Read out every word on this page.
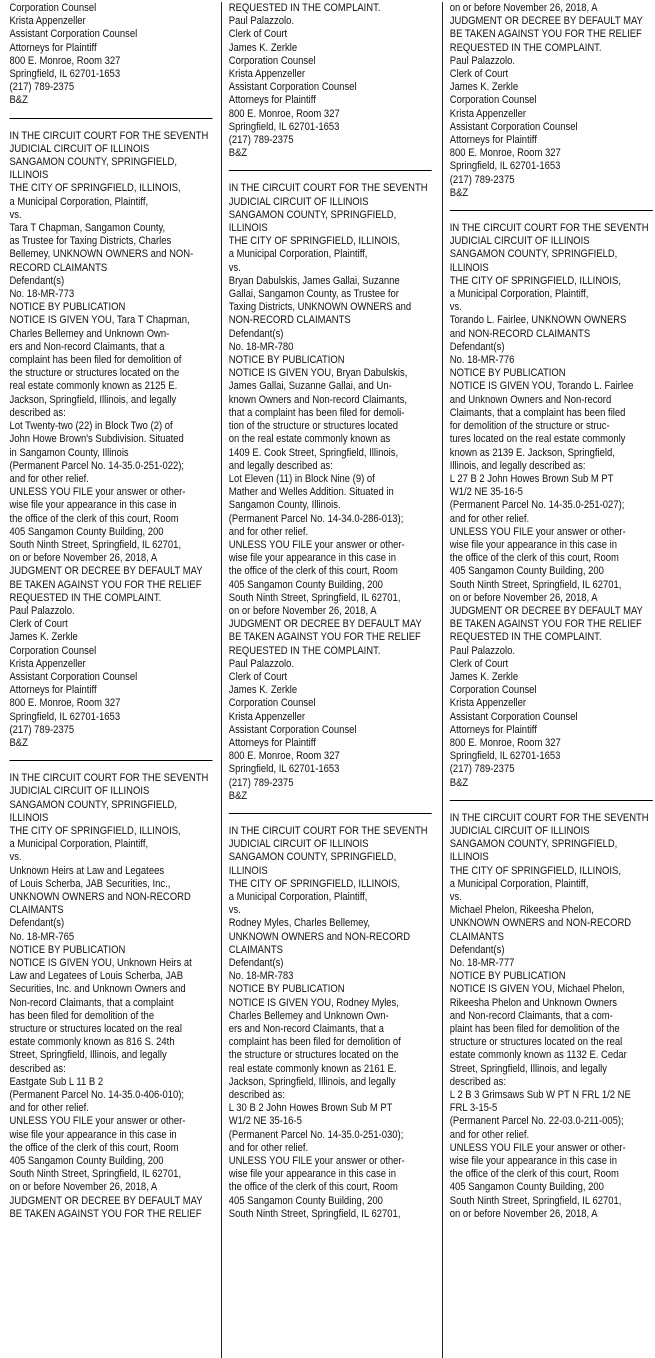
Corporation Counsel
Krista Appenzeller
Assistant Corporation Counsel
Attorneys for Plaintiff
800 E. Monroe, Room 327
Springfield, IL 62701-1653
(217) 789-2375
B&Z

IN THE CIRCUIT COURT FOR THE SEVENTH
JUDICIAL CIRCUIT OF ILLINOIS
SANGAMON COUNTY, SPRINGFIELD,
ILLINOIS
THE CITY OF SPRINGFIELD, ILLINOIS,
a Municipal Corporation, Plaintiff,
vs.
Tara T Chapman, Sangamon County,
as Trustee for Taxing Districts, Charles
Bellemey, UNKNOWN OWNERS and NON-
RECORD CLAIMANTS
Defendant(s)
No. 18-MR-773
NOTICE BY PUBLICATION
NOTICE IS GIVEN YOU, Tara T Chapman,
Charles Bellemey and Unknown Own-
ers and Non-record Claimants, that a
complaint has been filed for demolition of
the structure or structures located on the
real estate commonly known as 2125 E.
Jackson, Springfield, Illinois, and legally
described as:
Lot Twenty-two (22) in Block Two (2) of
John Howe Brown's Subdivision. Situated
in Sangamon County, Illinois
(Permanent Parcel No. 14-35.0-251-022);
and for other relief.
UNLESS YOU FILE your answer or other-
wise file your appearance in this case in
the office of the clerk of this court, Room
405 Sangamon County Building, 200
South Ninth Street, Springfield, IL 62701,
on or before November 26, 2018, A
JUDGMENT OR DECREE BY DEFAULT MAY
BE TAKEN AGAINST YOU FOR THE RELIEF
REQUESTED IN THE COMPLAINT.
Paul Palazzolo.
Clerk of Court
James K. Zerkle
Corporation Counsel
Krista Appenzeller
Assistant Corporation Counsel
Attorneys for Plaintiff
800 E. Monroe, Room 327
Springfield, IL 62701-1653
(217) 789-2375
B&Z

IN THE CIRCUIT COURT FOR THE SEVENTH
JUDICIAL CIRCUIT OF ILLINOIS
SANGAMON COUNTY, SPRINGFIELD,
ILLINOIS
THE CITY OF SPRINGFIELD, ILLINOIS,
a Municipal Corporation, Plaintiff,
vs.
Unknown Heirs at Law and Legatees
of Louis Scherba, JAB Securities, Inc.,
UNKNOWN OWNERS and NON-RECORD
CLAIMANTS
Defendant(s)
No. 18-MR-765
NOTICE BY PUBLICATION
NOTICE IS GIVEN YOU, Unknown Heirs at
Law and Legatees of Louis Scherba, JAB
Securities, Inc. and Unknown Owners and
Non-record Claimants, that a complaint
has been filed for demolition of the
structure or structures located on the real
estate commonly known as 816 S. 24th
Street, Springfield, Illinois, and legally
described as:
Eastgate Sub L 11 B 2
(Permanent Parcel No. 14-35.0-406-010);
and for other relief.
UNLESS YOU FILE your answer or other-
wise file your appearance in this case in
the office of the clerk of this court, Room
405 Sangamon County Building, 200
South Ninth Street, Springfield, IL 62701,
on or before November 26, 2018, A
JUDGMENT OR DECREE BY DEFAULT MAY
BE TAKEN AGAINST YOU FOR THE RELIEF

REQUESTED IN THE COMPLAINT.
Paul Palazzolo.
Clerk of Court
James K. Zerkle
Corporation Counsel
Krista Appenzeller
Assistant Corporation Counsel
Attorneys for Plaintiff
800 E. Monroe, Room 327
Springfield, IL 62701-1653
(217) 789-2375
B&Z

IN THE CIRCUIT COURT FOR THE SEVENTH
JUDICIAL CIRCUIT OF ILLINOIS
SANGAMON COUNTY, SPRINGFIELD,
ILLINOIS
THE CITY OF SPRINGFIELD, ILLINOIS,
a Municipal Corporation, Plaintiff,
vs.
Bryan Dabulskis, James Gallai, Suzanne
Gallai, Sangamon County, as Trustee for
Taxing Districts, UNKNOWN OWNERS and
NON-RECORD CLAIMANTS
Defendant(s)
No. 18-MR-780
NOTICE BY PUBLICATION
NOTICE IS GIVEN YOU, Bryan Dabulskis,
James Gallai, Suzanne Gallai, and Un-
known Owners and Non-record Claimants,
that a complaint has been filed for demoli-
tion of the structure or structures located
on the real estate commonly known as
1409 E. Cook Street, Springfield, Illinois,
and legally described as:
Lot Eleven (11) in Block Nine (9) of
Mather and Welles Addition. Situated in
Sangamon County, Illinois.
(Permanent Parcel No. 14-34.0-286-013);
and for other relief.
UNLESS YOU FILE your answer or other-
wise file your appearance in this case in
the office of the clerk of this court, Room
405 Sangamon County Building, 200
South Ninth Street, Springfield, IL 62701,
on or before November 26, 2018, A
JUDGMENT OR DECREE BY DEFAULT MAY
BE TAKEN AGAINST YOU FOR THE RELIEF
REQUESTED IN THE COMPLAINT.
Paul Palazzolo.
Clerk of Court
James K. Zerkle
Corporation Counsel
Krista Appenzeller
Assistant Corporation Counsel
Attorneys for Plaintiff
800 E. Monroe, Room 327
Springfield, IL 62701-1653
(217) 789-2375
B&Z

IN THE CIRCUIT COURT FOR THE SEVENTH
JUDICIAL CIRCUIT OF ILLINOIS
SANGAMON COUNTY, SPRINGFIELD,
ILLINOIS
THE CITY OF SPRINGFIELD, ILLINOIS,
a Municipal Corporation, Plaintiff,
vs.
Rodney Myles, Charles Bellemey,
UNKNOWN OWNERS and NON-RECORD
CLAIMANTS
Defendant(s)
No. 18-MR-783
NOTICE BY PUBLICATION
NOTICE IS GIVEN YOU, Rodney Myles,
Charles Bellemey and Unknown Own-
ers and Non-record Claimants, that a
complaint has been filed for demolition of
the structure or structures located on the
real estate commonly known as 2161 E.
Jackson, Springfield, Illinois, and legally
described as:
L 30 B 2 John Howes Brown Sub M PT
W1/2 NE 35-16-5
(Permanent Parcel No. 14-35.0-251-030);
and for other relief.
UNLESS YOU FILE your answer or other-
wise file your appearance in this case in
the office of the clerk of this court, Room
405 Sangamon County Building, 200
South Ninth Street, Springfield, IL 62701,

on or before November 26, 2018, A
JUDGMENT OR DECREE BY DEFAULT MAY
BE TAKEN AGAINST YOU FOR THE RELIEF
REQUESTED IN THE COMPLAINT.
Paul Palazzolo.
Clerk of Court
James K. Zerkle
Corporation Counsel
Krista Appenzeller
Assistant Corporation Counsel
Attorneys for Plaintiff
800 E. Monroe, Room 327
Springfield, IL 62701-1653
(217) 789-2375
B&Z

IN THE CIRCUIT COURT FOR THE SEVENTH
JUDICIAL CIRCUIT OF ILLINOIS
SANGAMON COUNTY, SPRINGFIELD,
ILLINOIS
THE CITY OF SPRINGFIELD, ILLINOIS,
a Municipal Corporation, Plaintiff,
vs.
Torando L. Fairlee, UNKNOWN OWNERS
and NON-RECORD CLAIMANTS
Defendant(s)
No. 18-MR-776
NOTICE BY PUBLICATION
NOTICE IS GIVEN YOU, Torando L. Fairlee
and Unknown Owners and Non-record
Claimants, that a complaint has been filed
for demolition of the structure or struc-
tures located on the real estate commonly
known as 2139 E. Jackson, Springfield,
Illinois, and legally described as:
L 27 B 2 John Howes Brown Sub M PT
W1/2 NE 35-16-5
(Permanent Parcel No. 14-35.0-251-027);
and for other relief.
UNLESS YOU FILE your answer or other-
wise file your appearance in this case in
the office of the clerk of this court, Room
405 Sangamon County Building, 200
South Ninth Street, Springfield, IL 62701,
on or before November 26, 2018, A
JUDGMENT OR DECREE BY DEFAULT MAY
BE TAKEN AGAINST YOU FOR THE RELIEF
REQUESTED IN THE COMPLAINT.
Paul Palazzolo.
Clerk of Court
James K. Zerkle
Corporation Counsel
Krista Appenzeller
Assistant Corporation Counsel
Attorneys for Plaintiff
800 E. Monroe, Room 327
Springfield, IL 62701-1653
(217) 789-2375
B&Z

IN THE CIRCUIT COURT FOR THE SEVENTH
JUDICIAL CIRCUIT OF ILLINOIS
SANGAMON COUNTY, SPRINGFIELD,
ILLINOIS
THE CITY OF SPRINGFIELD, ILLINOIS,
a Municipal Corporation, Plaintiff,
vs.
Michael Phelon, Rikeesha Phelon,
UNKNOWN OWNERS and NON-RECORD
CLAIMANTS
Defendant(s)
No. 18-MR-777
NOTICE BY PUBLICATION
NOTICE IS GIVEN YOU, Michael Phelon,
Rikeesha Phelon and Unknown Owners
and Non-record Claimants, that a com-
plaint has been filed for demolition of the
structure or structures located on the real
estate commonly known as 1132 E. Cedar
Street, Springfield, Illinois, and legally
described as:
L 2 B 3 Grimsaws Sub W PT N FRL 1/2 NE
FRL 3-15-5
(Permanent Parcel No. 22-03.0-211-005);
and for other relief.
UNLESS YOU FILE your answer or other-
wise file your appearance in this case in
the office of the clerk of this court, Room
405 Sangamon County Building, 200
South Ninth Street, Springfield, IL 62701,
on or before November 26, 2018, A
